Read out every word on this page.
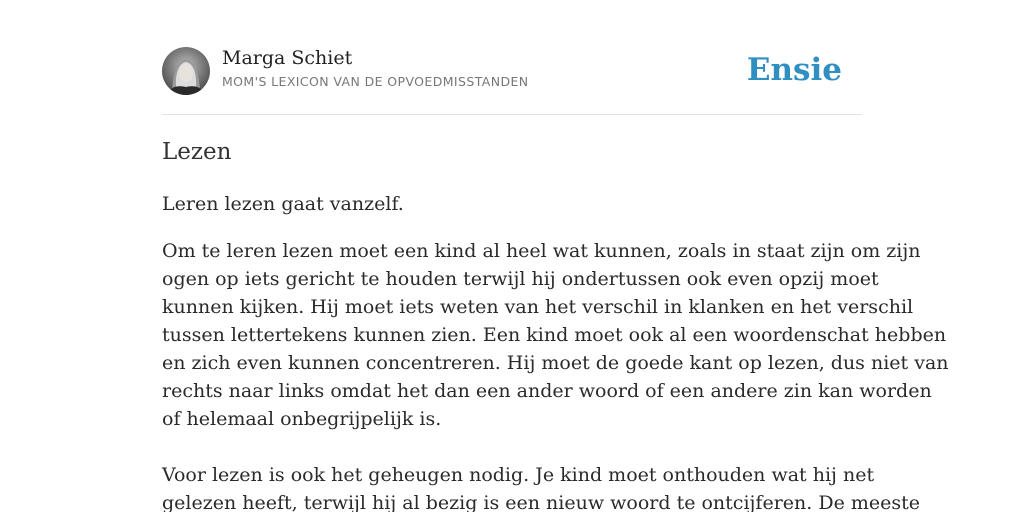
Marga Schiet
MOM'S LEXICON VAN DE OPVOEDMISSTANDEN	Ensie
Lezen

Leren lezen gaat vanzelf.

Om te leren lezen moet een kind al heel wat kunnen, zoals in staat zijn om zijn

ogen op iets gericht te houden terwijl hij ondertussen ook even opzij moet

kunnen kijken. Hij moet iets weten van het verschil in klanken en het verschil

tussen lettertekens kunnen zien. Een kind moet ook al een woordenschat hebben

en zich even kunnen concentreren. Hij moet de goede kant op lezen, dus niet van

rechts naar links omdat het dan een ander woord of een andere zin kan worden

of helemaal onbegrijpelijk is.

Voor lezen is ook het geheugen nodig. Je kind moet onthouden wat hij net

gelezen heeft, terwijl hij al bezig is een nieuw woord te ontcijferen. De meeste
